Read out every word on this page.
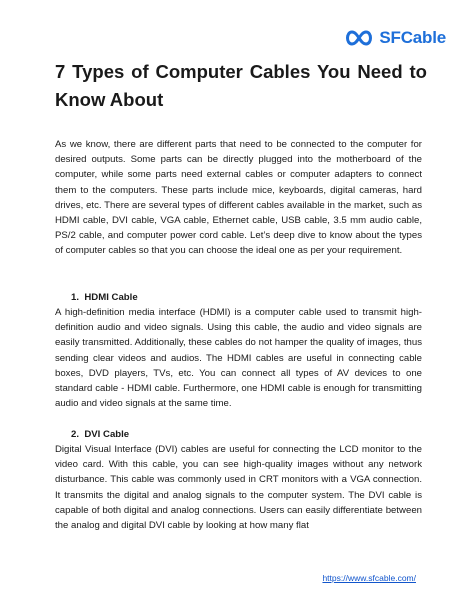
SFCable
7 Types of Computer Cables You Need to Know About

As we know, there are different parts that need to be connected to the computer for desired outputs. Some parts can be directly plugged into the motherboard of the computer, while some parts need external cables or computer adapters to connect them to the computers. These parts include mice, keyboards, digital cameras, hard drives, etc. There are several types of different cables available in the market, such as HDMI cable, DVI cable, VGA cable, Ethernet cable, USB cable, 3.5 mm audio cable, PS/2 cable, and computer power cord cable. Let’s deep dive to know about the types of computer cables so that you can choose the ideal one as per your requirement.

1. HDMI Cable

A high-definition media interface (HDMI) is a computer cable used to transmit high-definition audio and video signals. Using this cable, the audio and video signals are easily transmitted. Additionally, these cables do not hamper the quality of images, thus sending clear videos and audios. The HDMI cables are useful in connecting cable boxes, DVD players, TVs, etc. You can connect all types of AV devices to one standard cable - HDMI cable. Furthermore, one HDMI cable is enough for transmitting audio and video signals at the same time.

2. DVI Cable

Digital Visual Interface (DVI) cables are useful for connecting the LCD monitor to the video card. With this cable, you can see high-quality images without any network disturbance. This cable was commonly used in CRT monitors with a VGA connection. It transmits the digital and analog signals to the computer system. The DVI cable is capable of both digital and analog connections. Users can easily differentiate between the analog and digital DVI cable by looking at how many flat

https://www.sfcable.com/
